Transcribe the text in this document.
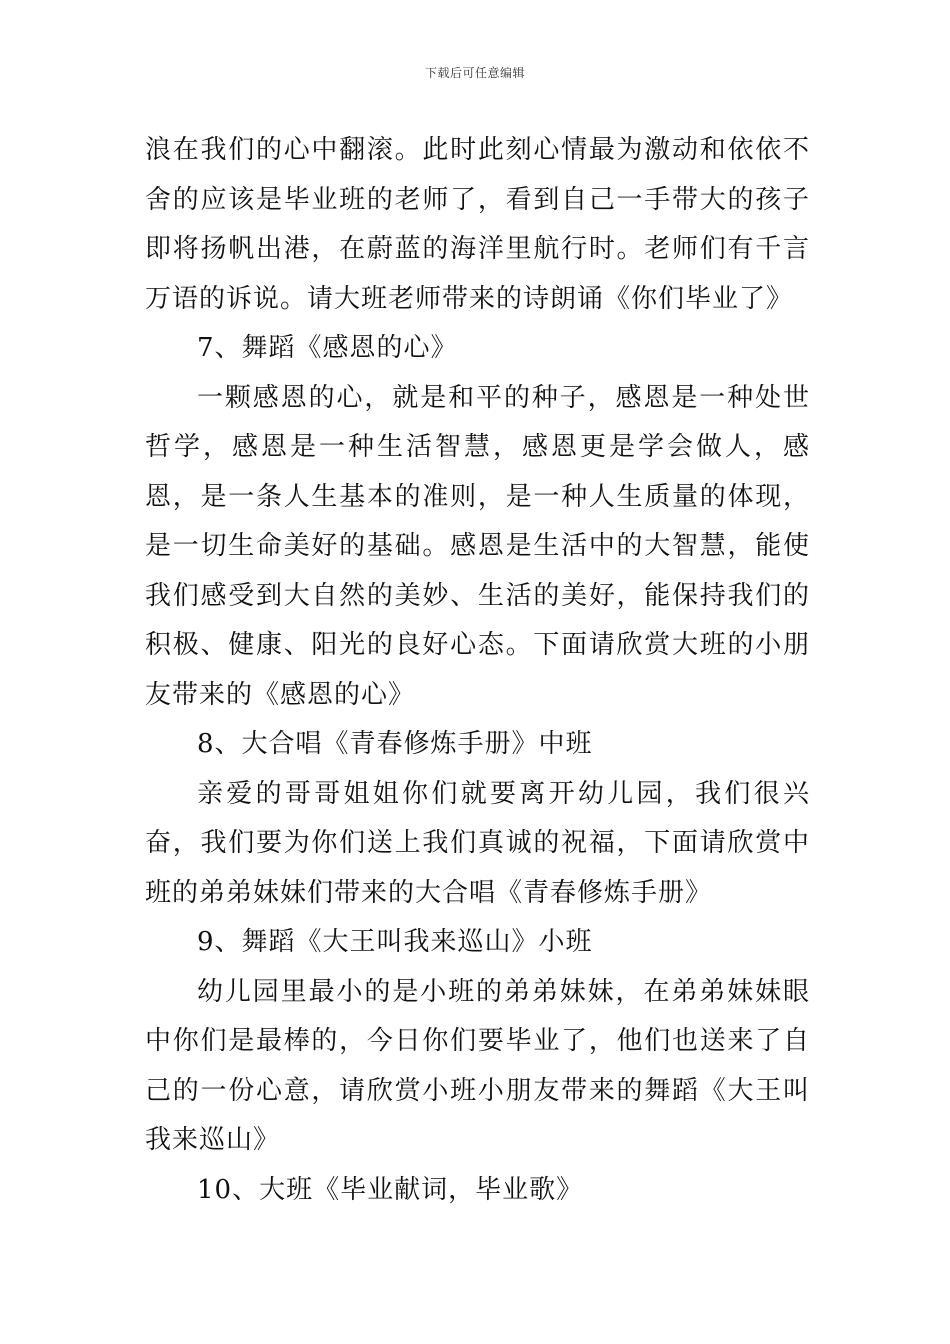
下载后可任意编辑

浪在我们的心中翻滚。此时此刻心情最为激动和依依不舍的应该是毕业班的老师了，看到自己一手带大的孩子即将扬帆出港，在蔚蓝的海洋里航行时。老师们有千言万语的诉说。请大班老师带来的诗朗诵《你们毕业了》

7、舞蹈《感恩的心》

一颗感恩的心，就是和平的种子，感恩是一种处世哲学，感恩是一种生活智慧，感恩更是学会做人，感恩，是一条人生基本的准则，是一种人生质量的体现，是一切生命美好的基础。感恩是生活中的大智慧，能使我们感受到大自然的美妙、生活的美好，能保持我们的积极、健康、阳光的良好心态。下面请欣赏大班的小朋友带来的《感恩的心》

8、大合唱《青春修炼手册》中班

亲爱的哥哥姐姐你们就要离开幼儿园，我们很兴奋，我们要为你们送上我们真诚的祝福，下面请欣赏中班的弟弟妹妹们带来的大合唱《青春修炼手册》

9、舞蹈《大王叫我来巡山》小班

幼儿园里最小的是小班的弟弟妹妹，在弟弟妹妹眼中你们是最棒的，今日你们要毕业了，他们也送来了自己的一份心意，请欣赏小班小朋友带来的舞蹈《大王叫我来巡山》

10、大班《毕业献词，毕业歌》
